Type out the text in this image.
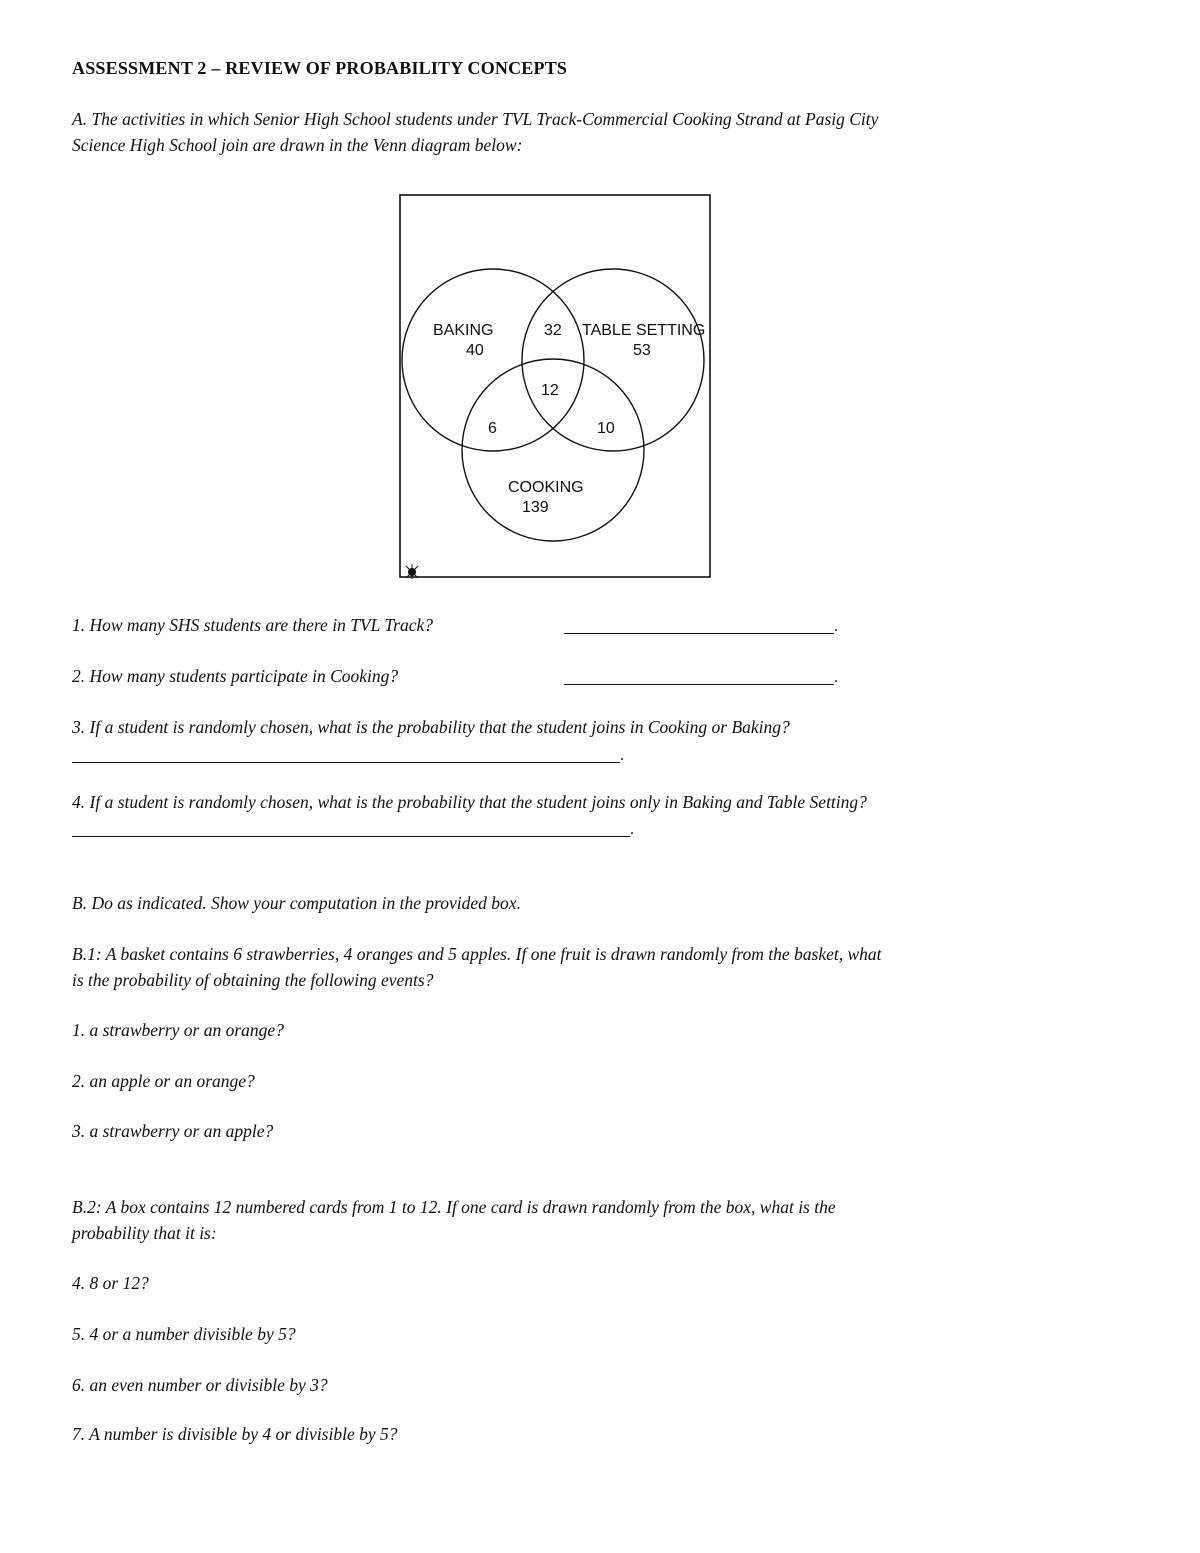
ASSESSMENT 2 – REVIEW OF PROBABILITY CONCEPTS
A. The activities in which Senior High School students under TVL Track-Commercial Cooking Strand at Pasig City
Science High School join are drawn in the Venn diagram below:
BAKING
40
32 TABLE SETTING
53
12
6	10
COOKING
139
1. How many SHS students are there in TVL Track?	.
2. How many students participate in Cooking?	.
3. If a student is randomly chosen, what is the probability that the student joins in Cooking or Baking?
.
4. If a student is randomly chosen, what is the probability that the student joins only in Baking and Table Setting?
.
B. Do as indicated. Show your computation in the provided box.
B.1: A basket contains 6 strawberries, 4 oranges and 5 apples. If one fruit is drawn randomly from the basket, what
is the probability of obtaining the following events?
1. a strawberry or an orange?
2. an apple or an orange?
3. a strawberry or an apple?
B.2: A box contains 12 numbered cards from 1 to 12. If one card is drawn randomly from the box, what is the
probability that it is:
4. 8 or 12?
5. 4 or a number divisible by 5?
6. an even number or divisible by 3?
7. A number is divisible by 4 or divisible by 5?
